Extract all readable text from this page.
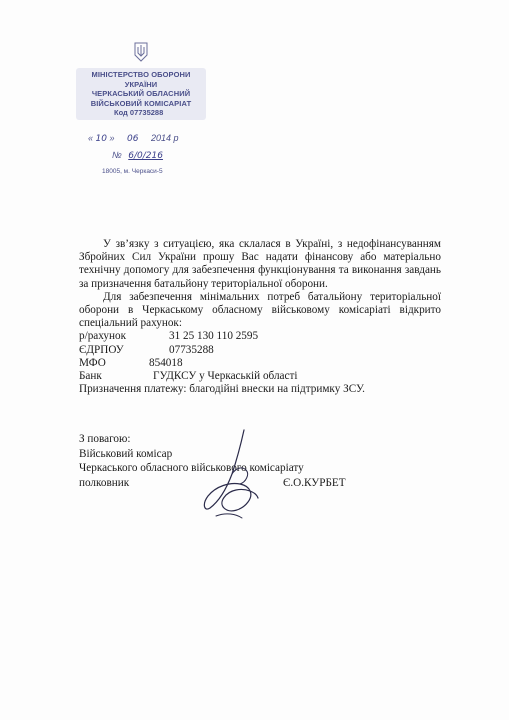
МІНІСТЕРСТВО ОБОРОНИ
УКРАЇНИ
ЧЕРКАСЬКИЙ ОБЛАСНИЙ
ВІЙСЬКОВИЙ КОМІСАРІАТ
Код 07735288
« 10 » 06 2014 р
№ 6/0/216
18005, м. Черкаси-5

У зв’язку з ситуацією, яка склалася в Україні, з недофінансуванням Збройних Сил України прошу Вас надати фінансову або матеріально технічну допомогу для забезпечення функціонування та виконання завдань за призначення батальйону територіальної оборони.

Для забезпечення мінімальних потреб батальйону територіальної оборони в Черкаському обласному військовому комісаріаті відкрито спеціальний рахунок:

р/рахунок	31 25 130 110 2595
ЄДРПОУ	07735288
МФО	854018
Банк	ГУДКСУ у Черкаській області

Призначення платежу: благодійні внески на підтримку ЗСУ.

З повагою:

Військовий комісар

Черкаського обласного військового комісаріату

полковник	Є.О.КУРБЕТ
